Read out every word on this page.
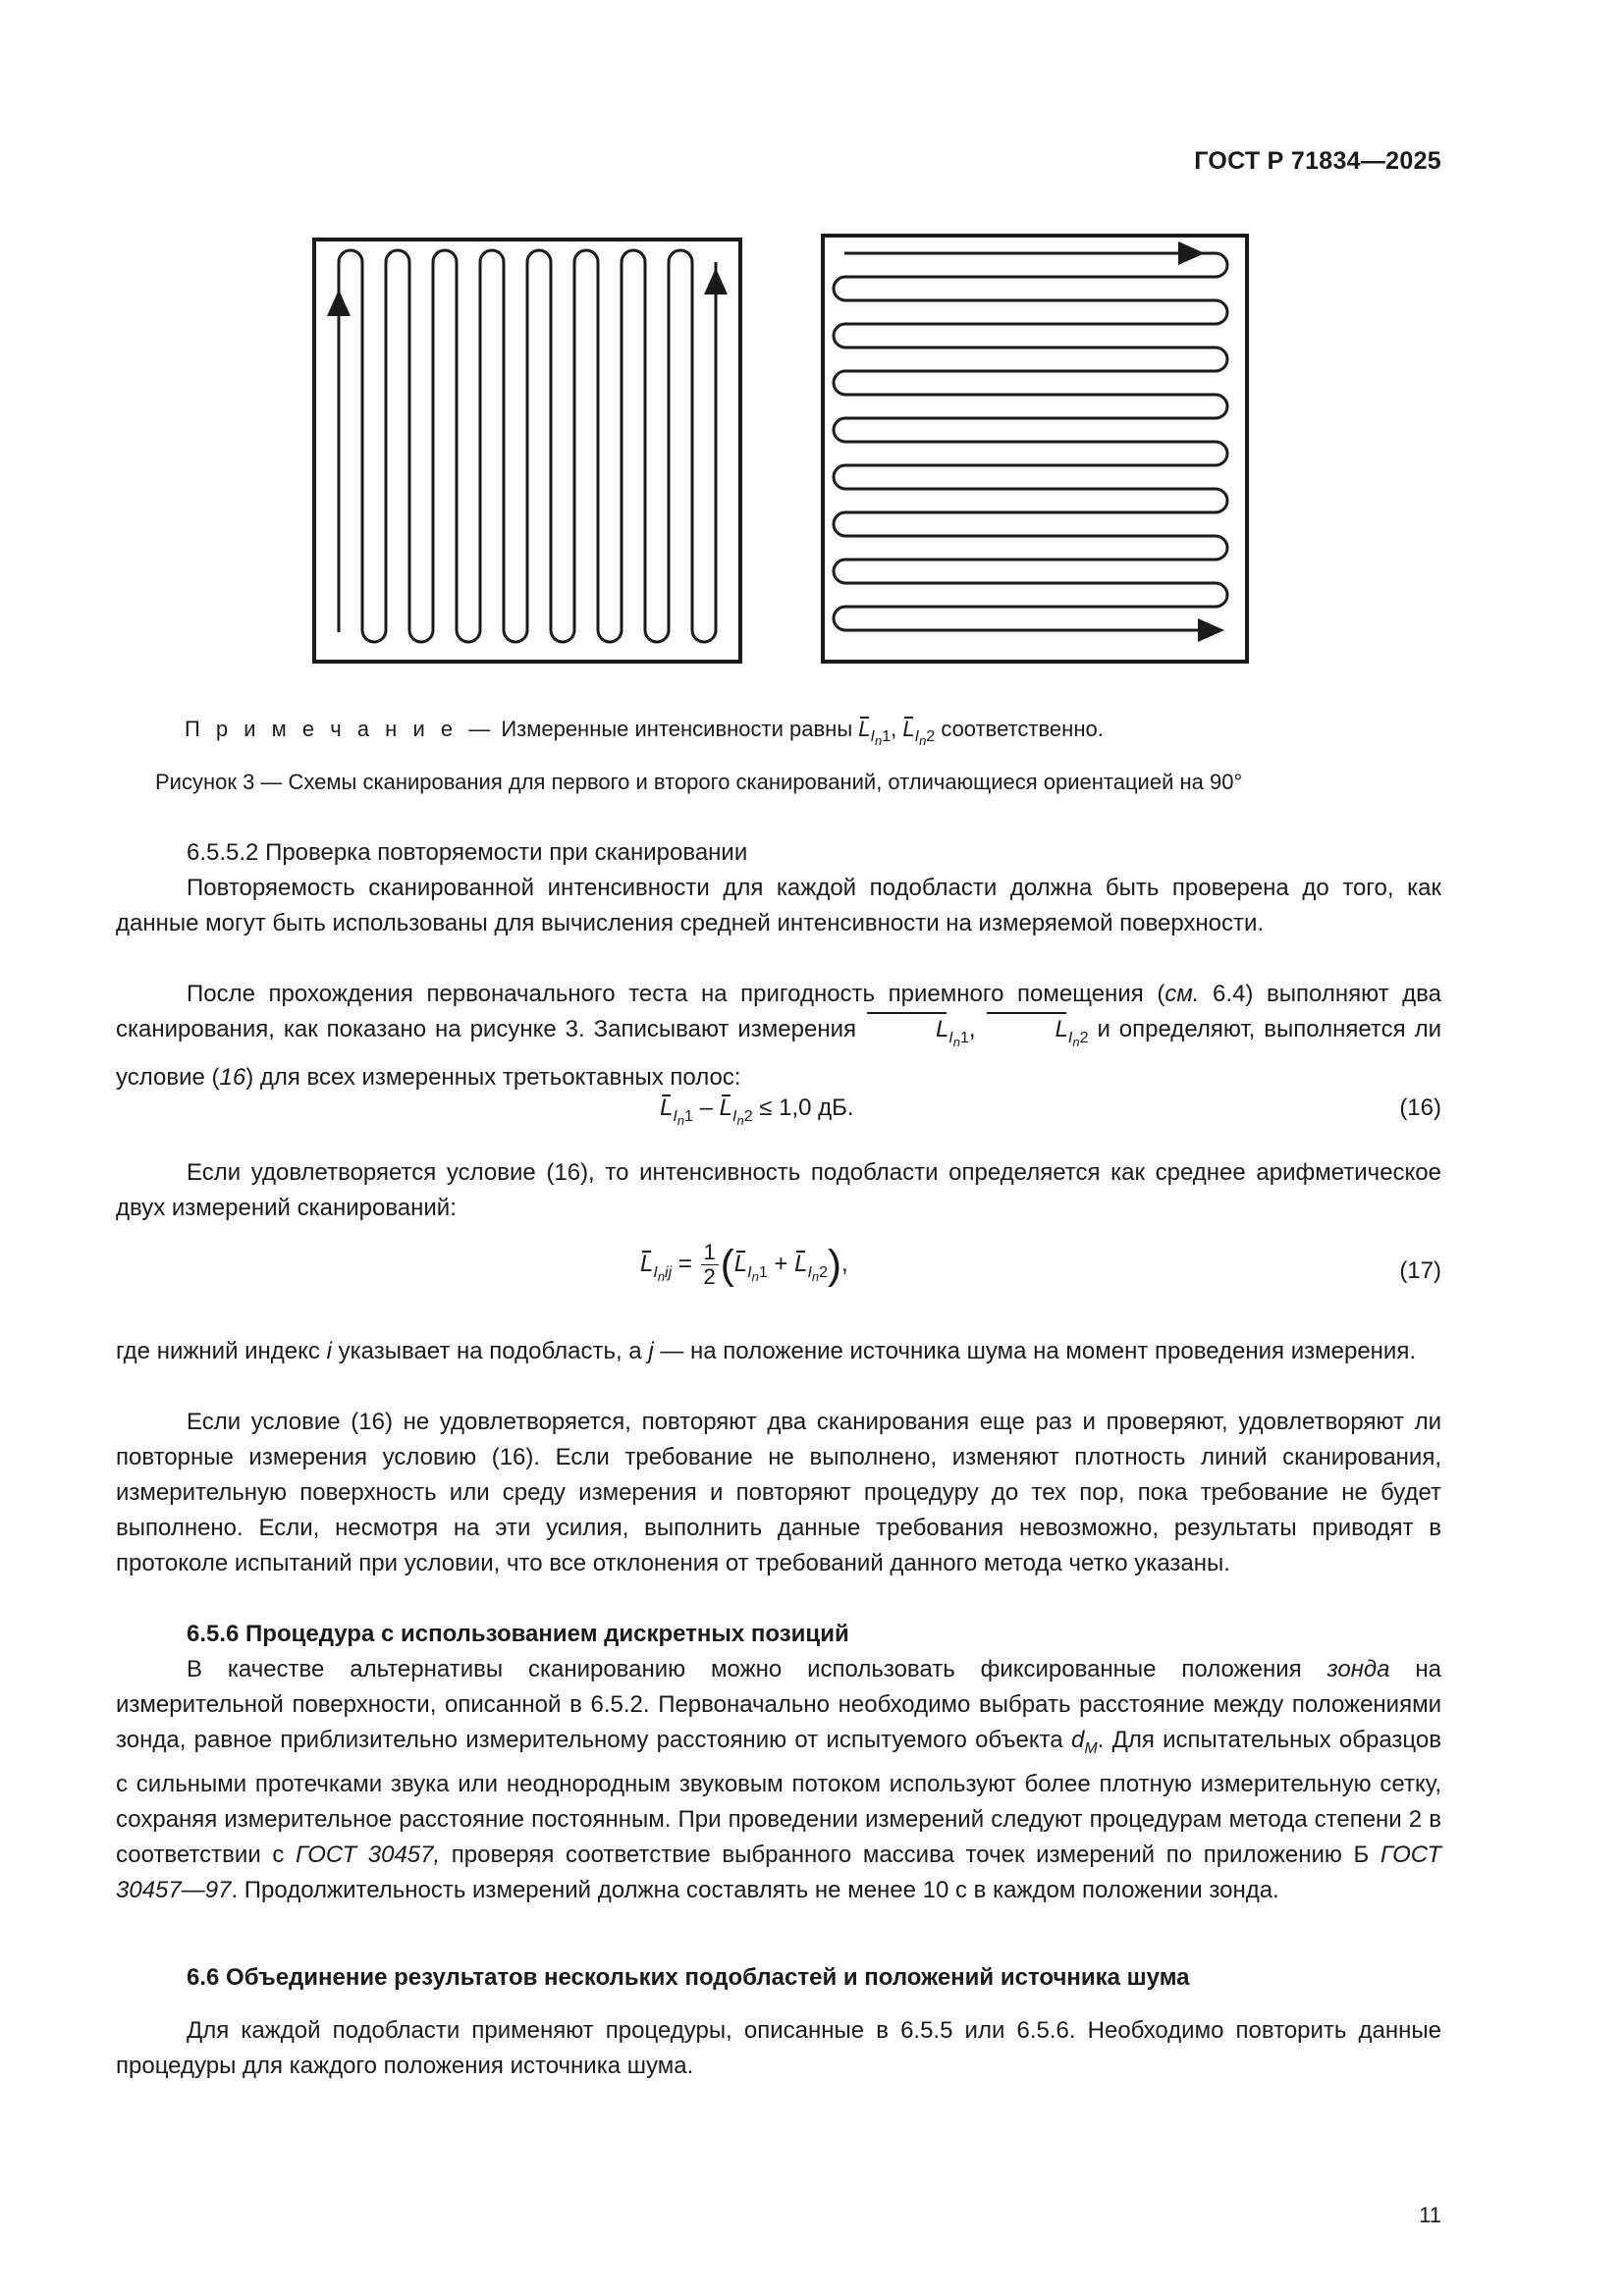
ГОСТ Р 71834—2025
П р и м е ч а н и е — Измеренные интенсивности равны $L_{I_n1}$, $L_{I_n2}$ соответственно.
Рисунок 3 — Схемы сканирования для первого и второго сканирований, отличающиеся ориентацией на 90°
6.5.5.2 Проверка повторяемости при сканировании
Повторяемость сканированной интенсивности для каждой подобласти должна быть проверена до того, как данные могут быть использованы для вычисления средней интенсивности на измеряемой поверхности.
После прохождения первоначального теста на пригодность приемного помещения (см. 6.4) выполняют два сканирования, как показано на рисунке 3. Записывают измерения	$L_{I_n1}$,	$L_{I_n2}$ и определяют, выполняется ли условие (16) для всех измеренных третьоктавных полос:
$L_{I_n1} - L_{I_n2} \le 1,0$ дБ.	(16)
Если удовлетворяется условие (16), то интенсивность подобласти определяется как среднее арифметическое двух измерений сканирований:
$L_{I_nij} = \frac{1}{2} (L_{I_n1} + L_{I_n2})$,	(17)
где нижний индекс i указывает на подобласть, а j — на положение источника шума на момент проведения измерения.
Если условие (16) не удовлетворяется, повторяют два сканирования еще раз и проверяют, удовлетворяют ли повторные измерения условию (16). Если требование не выполнено, изменяют плотность линий сканирования, измерительную поверхность или среду измерения и повторяют процедуру до тех пор, пока требование не будет выполнено. Если, несмотря на эти усилия, выполнить данные требования невозможно, результаты приводят в протоколе испытаний при условии, что все отклонения от требований данного метода четко указаны.
6.5.6 Процедура с использованием дискретных позиций
В качестве альтернативы сканированию можно использовать фиксированные положения зонда на измерительной поверхности, описанной в 6.5.2. Первоначально необходимо выбрать расстояние между положениями зонда, равное приблизительно измерительному расстоянию от испытуемого объекта $d_M$. Для испытательных образцов с сильными протечками звука или неоднородным звуковым потоком используют более плотную измерительную сетку, сохраняя измерительное расстояние постоянным. При проведении измерений следуют процедурам метода степени 2 в соответствии с ГОСТ 30457, проверяя соответствие выбранного массива точек измерений по приложению Б ГОСТ 30457—97. Продолжительность измерений должна составлять не менее 10 с в каждом положении зонда.
6.6 Объединение результатов нескольких подобластей и положений источника шума
Для каждой подобласти применяют процедуры, описанные в 6.5.5 или 6.5.6. Необходимо повторить данные процедуры для каждого положения источника шума.
11
